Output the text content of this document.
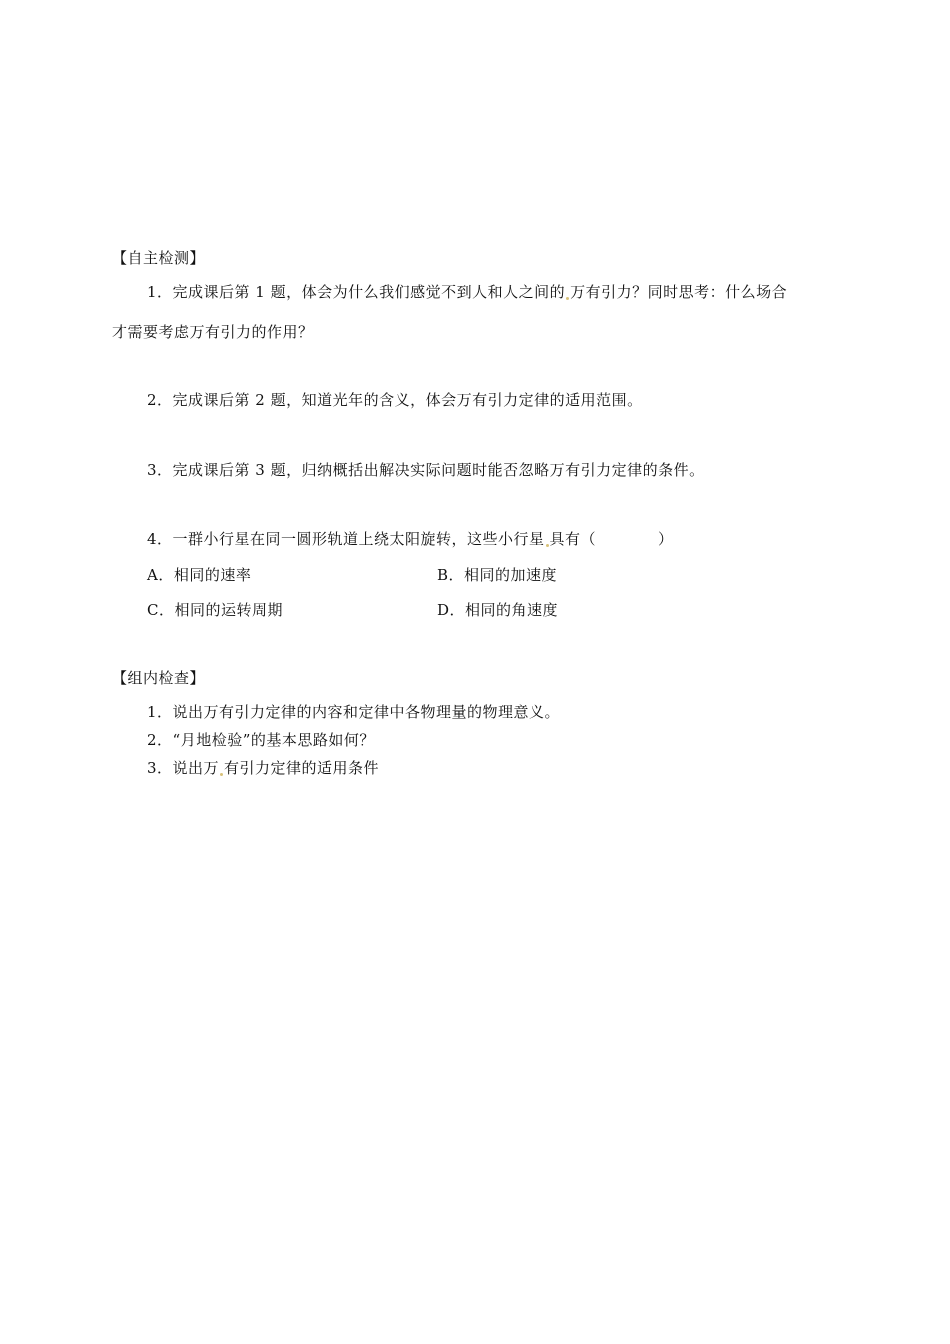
【自主检测】
1．完成课后第 1 题，体会为什么我们感觉不到人和人之间的 万有引力？同时思考：什么场合
才需要考虑万有引力的作用？
2．完成课后第 2 题，知道光年的含义，体会万有引力定律的适用范围。
3．完成课后第 3 题，归纳概括出解决实际问题时能否忽略万有引力定律的条件。
4．一群小行星在同一圆形轨道上绕太阳旋转，这些小行星 具有（　　　　）
A．相同的速率	B．相同的加速度
C．相同的运转周期	D．相同的角速度
【组内检查】
1．说出万有引力定律的内容和定律中各物理量的物理意义。
2．“月地检验”的基本思路如何？
3．说出万 有引力定律的适用条件
